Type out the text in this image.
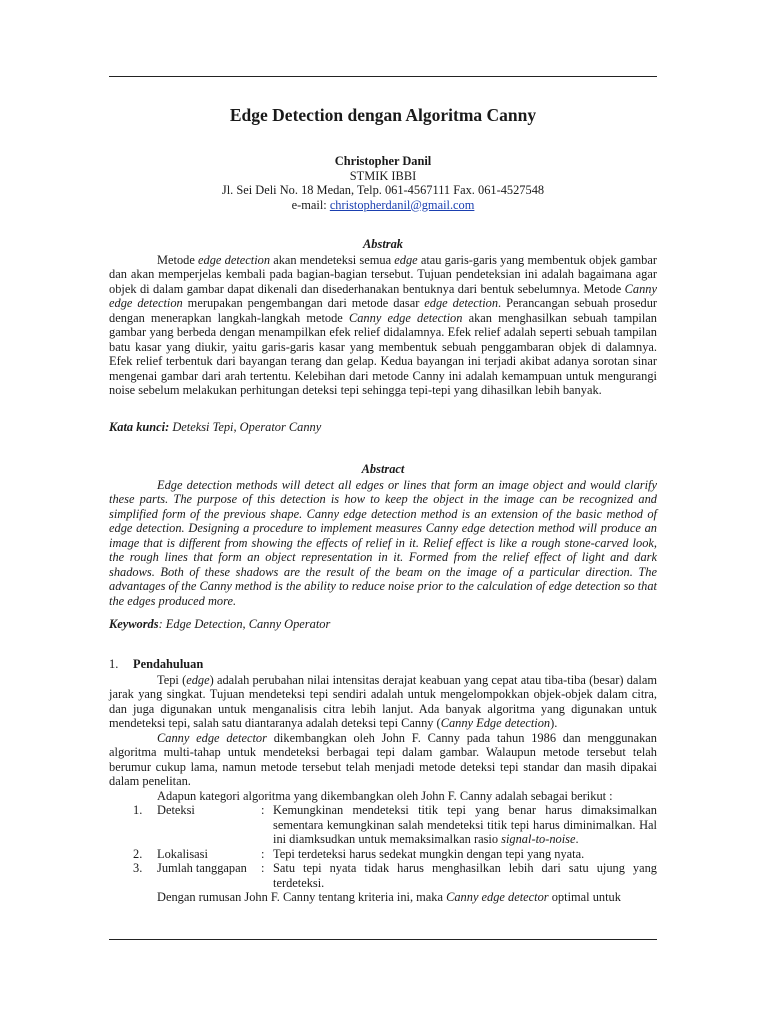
Edge Detection dengan Algoritma Canny
Christopher Danil
STMIK IBBI
Jl. Sei Deli No. 18 Medan, Telp. 061-4567111 Fax. 061-4527548
e-mail: christopherdanil@gmail.com
Abstrak

Metode edge detection akan mendeteksi semua edge atau garis-garis yang membentuk objek gambar dan akan memperjelas kembali pada bagian-bagian tersebut. Tujuan pendeteksian ini adalah bagaimana agar objek di dalam gambar dapat dikenali dan disederhanakan bentuknya dari bentuk sebelumnya. Metode Canny edge detection merupakan pengembangan dari metode dasar edge detection. Perancangan sebuah prosedur dengan menerapkan langkah-langkah metode Canny edge detection akan menghasilkan sebuah tampilan gambar yang berbeda dengan menampilkan efek relief didalamnya. Efek relief adalah seperti sebuah tampilan batu kasar yang diukir, yaitu garis-garis kasar yang membentuk sebuah penggambaran objek di dalamnya. Efek relief terbentuk dari bayangan terang dan gelap. Kedua bayangan ini terjadi akibat adanya sorotan sinar mengenai gambar dari arah tertentu. Kelebihan dari metode Canny ini adalah kemampuan untuk mengurangi noise sebelum melakukan perhitungan deteksi tepi sehingga tepi-tepi yang dihasilkan lebih banyak.

Kata kunci: Deteksi Tepi, Operator Canny
Abstract

Edge detection methods will detect all edges or lines that form an image object and would clarify these parts. The purpose of this detection is how to keep the object in the image can be recognized and simplified form of the previous shape. Canny edge detection method is an extension of the basic method of edge detection. Designing a procedure to implement measures Canny edge detection method will produce an image that is different from showing the effects of relief in it. Relief effect is like a rough stone-carved look, the rough lines that form an object representation in it. Formed from the relief effect of light and dark shadows. Both of these shadows are the result of the beam on the image of a particular direction. The advantages of the Canny method is the ability to reduce noise prior to the calculation of edge detection so that the edges produced more.

Keywords: Edge Detection, Canny Operator
1.	Pendahuluan

Tepi (edge) adalah perubahan nilai intensitas derajat keabuan yang cepat atau tiba-tiba (besar) dalam jarak yang singkat. Tujuan mendeteksi tepi sendiri adalah untuk mengelompokkan objek-objek dalam citra, dan juga digunakan untuk menganalisis citra lebih lanjut. Ada banyak algoritma yang digunakan untuk mendeteksi tepi, salah satu diantaranya adalah deteksi tepi Canny (Canny Edge detection).

Canny edge detector dikembangkan oleh John F. Canny pada tahun 1986 dan menggunakan algoritma multi-tahap untuk mendeteksi berbagai tepi dalam gambar. Walaupun metode tersebut telah berumur cukup lama, namun metode tersebut telah menjadi metode deteksi tepi standar dan masih dipakai dalam penelitan.

Adapun kategori algoritma yang dikembangkan oleh John F. Canny adalah sebagai berikut :

1.	Deteksi	: Kemungkinan mendeteksi titik tepi yang benar harus dimaksimalkan sementara kemungkinan salah mendeteksi titik tepi harus diminimalkan. Hal ini diamksudkan untuk memaksimalkan rasio signal-to-noise.
2.	Lokalisasi	: Tepi terdeteksi harus sedekat mungkin dengan tepi yang nyata.
3.	Jumlah tanggapan	: Satu tepi nyata tidak harus menghasilkan lebih dari satu ujung yang terdeteksi.

Dengan rumusan John F. Canny tentang kriteria ini, maka Canny edge detector optimal untuk
